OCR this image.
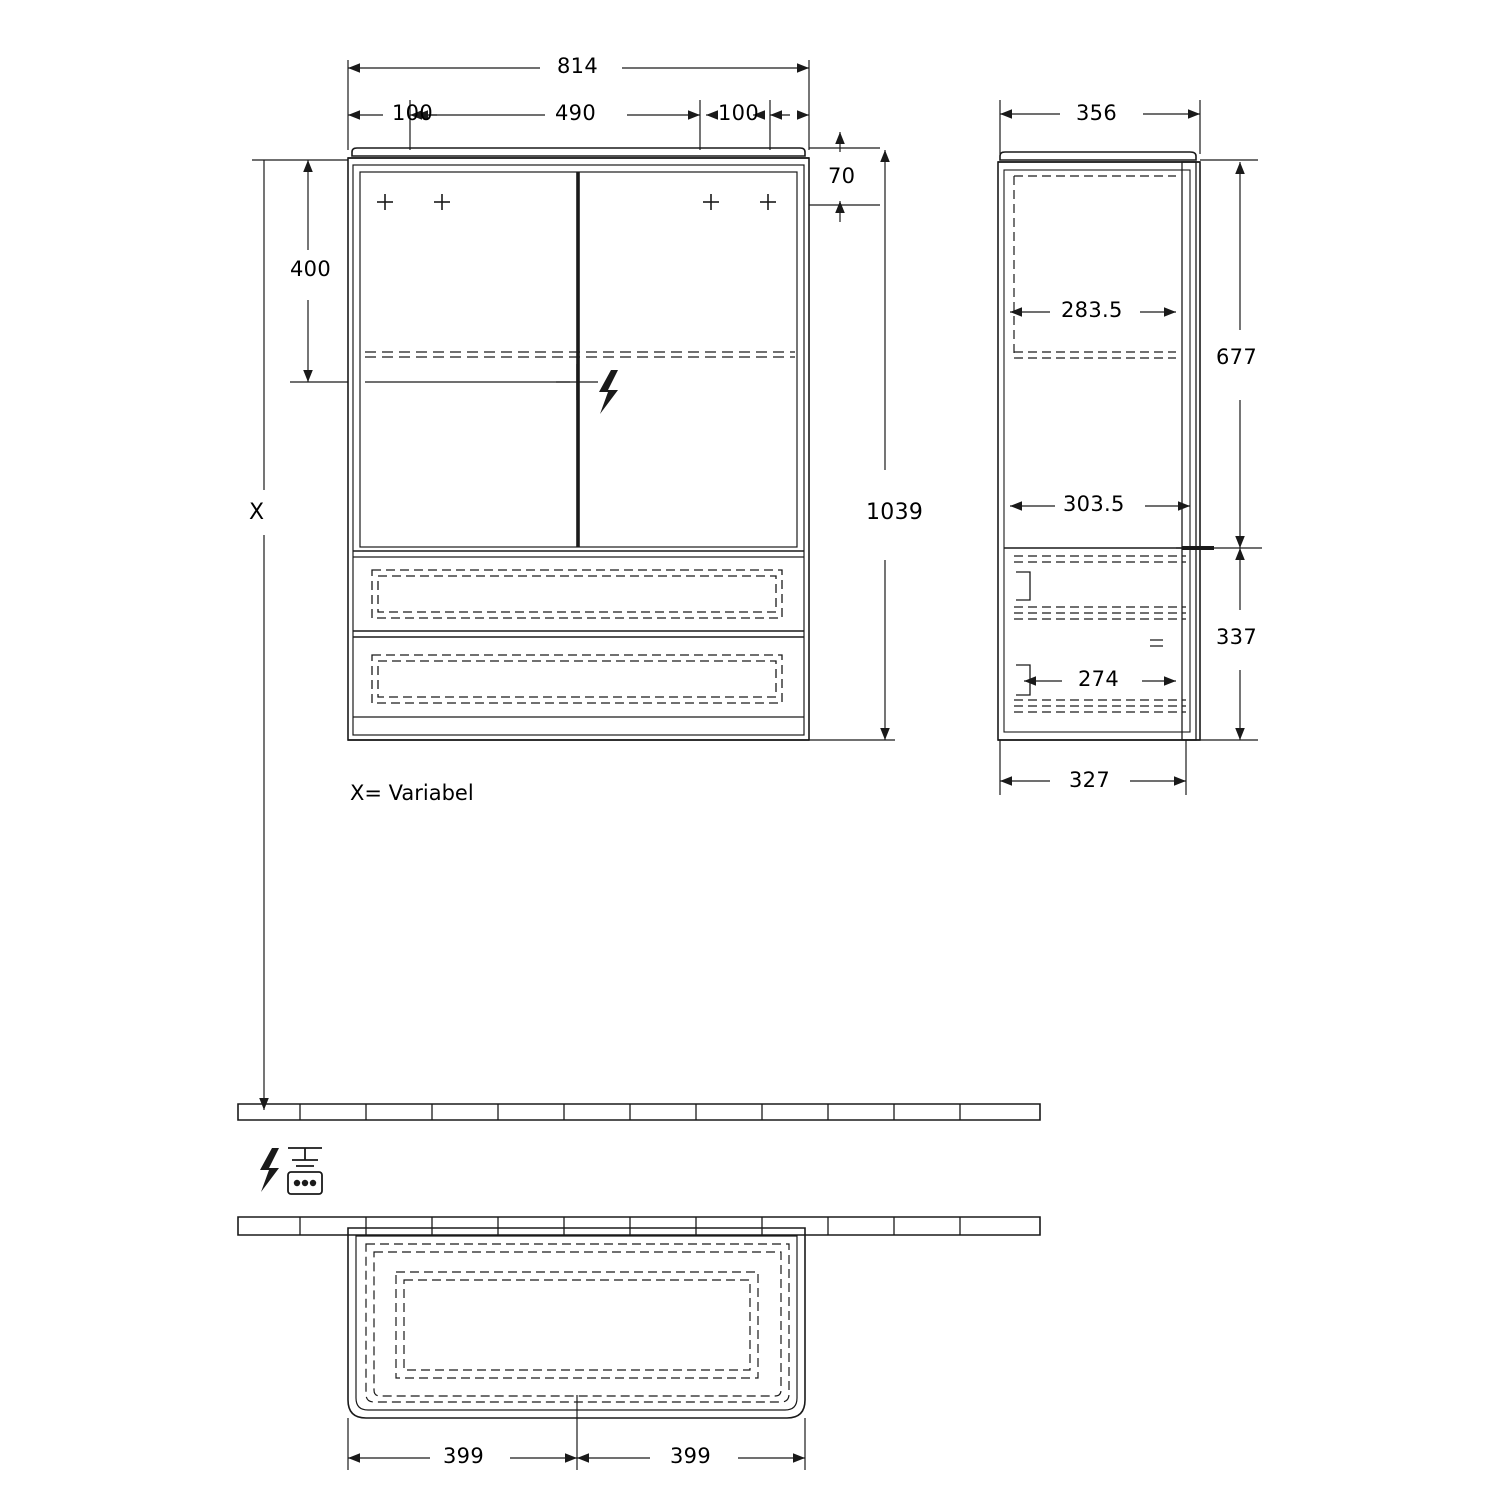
814
100	490	100
70
400
1039
X
X= Variabel
356
283.5
303.5
274
677
337
327
399	399
